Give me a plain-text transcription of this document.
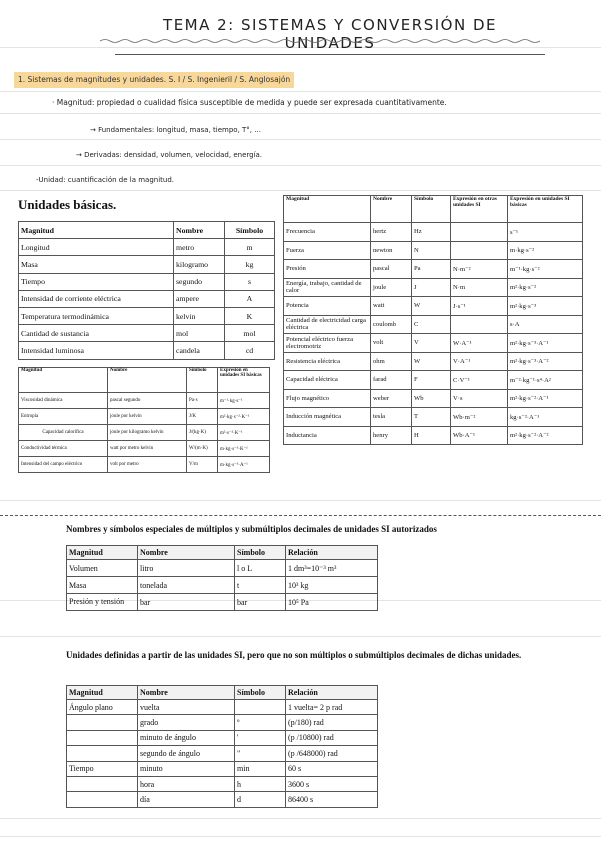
TEMA 2: SISTEMAS Y CONVERSIÓN DE UNIDADES
1. Sistemas de magnitudes y unidades. S. I / S. Ingenieril / S. Anglosajón
· Magnitud: propiedad o cualidad física susceptible de medida y puede ser expresada cuantitativamente.
→ Fundamentales: longitud, masa, tiempo, T°, ...
→ Derivadas: densidad, volumen, velocidad, energía.
-Unidad: cuantificación de la magnitud.
Unidades básicas.
Magnitud	Nombre	Símbolo
Longitud	metro	m
Masa	kilogramo	kg
Tiempo	segundo	s
Intensidad de corriente eléctrica	ampere	A
Temperatura termodinámica	kelvin	K
Cantidad de sustancia	mol	mol
Intensidad luminosa	candela	cd
Magnitud	Nombre	Símbolo	Expresión en otras unidades SI	Expresión en unidades SI básicas
Frecuencia	hertz	Hz		s⁻¹
Fuerza	newton	N		m·kg·s⁻²
Presión	pascal	Pa	N·m⁻²	m⁻¹·kg·s⁻²
Energía, trabajo, cantidad de calor	joule	J	N·m	m²·kg·s⁻²
Potencia	watt	W	J·s⁻¹	m²·kg·s⁻³
Cantidad de electricidad carga eléctrica	coulomb	C		s·A
Potencial eléctrico fuerza electromotriz	volt	V	W·A⁻¹	m²·kg·s⁻³·A⁻¹
Resistencia eléctrica	ohm	W	V·A⁻¹	m²·kg·s⁻³·A⁻²
Capacidad eléctrica	farad	F	C·V⁻¹	m⁻²·kg⁻¹·s⁴·A²
Flujo magnético	weber	Wb	V·s	m²·kg·s⁻²·A⁻¹
Inducción magnética	tesla	T	Wb·m⁻²	kg·s⁻²·A⁻¹
Inductancia	henry	H	Wb·A⁻¹	m²·kg·s⁻²·A⁻²
Magnitud	Nombre	Símbolo	Expresión en unidades SI básicas
Viscosidad dinámica	pascal segundo	Pa·s	m⁻¹·kg·s⁻¹
Entropía	joule por kelvin	J/K	m²·kg·s⁻²·K⁻¹
Capacidad calorífica	joule por kilogramo kelvin	J/(kg·K)	m²·s⁻²·K⁻¹
Conductividad térmica	watt por metro kelvin	W/(m·K)	m·kg·s⁻³·K⁻¹
Intensidad del campo eléctrico	volt por metro	V/m	m·kg·s⁻³·A⁻¹
Nombres y símbolos especiales de múltiplos y submúltiplos decimales de unidades SI autorizados
Magnitud	Nombre	Símbolo	Relación
Volumen	litro	l o L	1 dm³=10⁻³ m³
Masa	tonelada	t	10³ kg
Presión y tensión	bar	bar	10⁵ Pa
Unidades definidas a partir de las unidades SI, pero que no son múltiplos o submúltiplos decimales de dichas unidades.
Magnitud	Nombre	Símbolo	Relación
Ángulo plano	vuelta		1 vuelta= 2 p rad
	grado	º	(p/180) rad
	minuto de ángulo	'	(p /10800) rad
	segundo de ángulo	"	(p /648000) rad
Tiempo	minuto	min	60 s
	hora	h	3600 s
	día	d	86400 s
